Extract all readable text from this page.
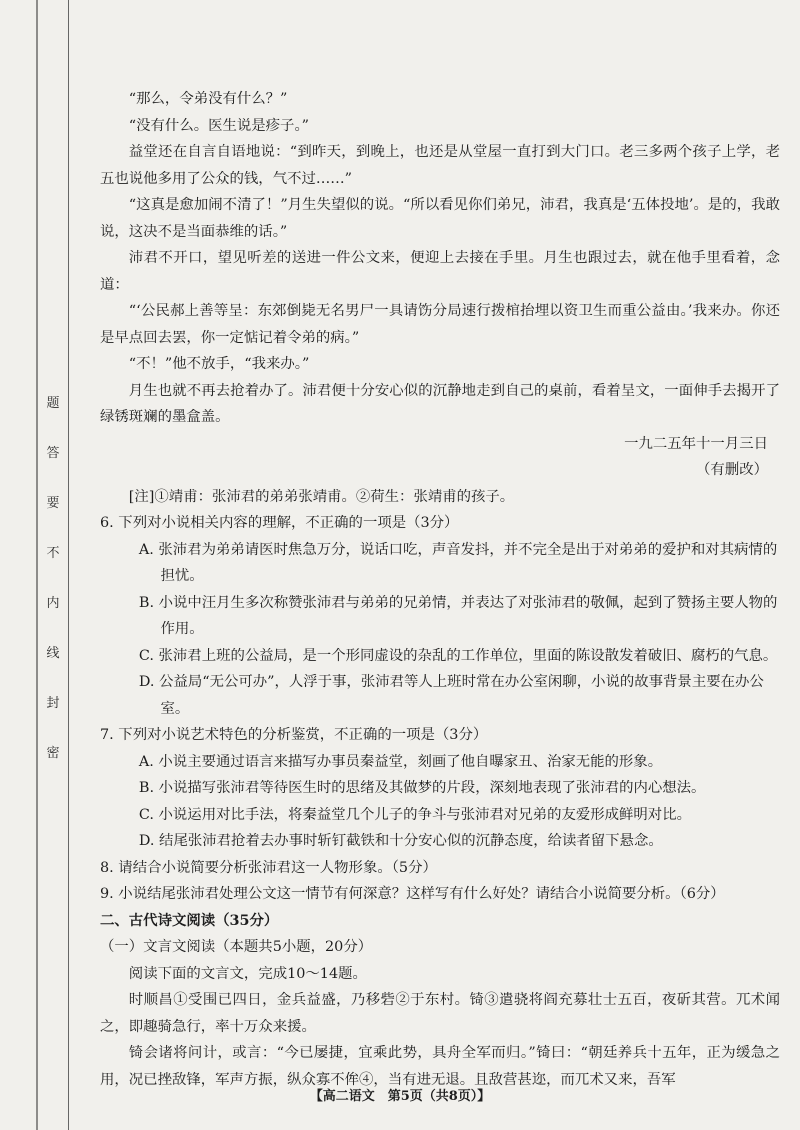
题
答
要
不
内
线
封
密

“那么，令弟没有什么？”

“没有什么。医生说是疹子。”

益堂还在自言自语地说：“到昨天，到晚上，也还是从堂屋一直打到大门口。老三多两个孩子上学，老五也说他多用了公众的钱，气不过……”

“这真是愈加闹不清了！”月生失望似的说。“所以看见你们弟兄，沛君，我真是‘五体投地’。是的，我敢说，这决不是当面恭维的话。”

沛君不开口，望见听差的送进一件公文来，便迎上去接在手里。月生也跟过去，就在他手里看着，念道：

“‘公民郝上善等呈：东郊倒毙无名男尸一具请饬分局速行拨棺抬埋以资卫生而重公益由。’我来办。你还是早点回去罢，你一定惦记着令弟的病。”

“不！”他不放手，“我来办。”

月生也就不再去抢着办了。沛君便十分安心似的沉静地走到自己的桌前，看着呈文，一面伸手去揭开了绿锈斑斓的墨盒盖。

一九二五年十一月三日

（有删改）

[注]①靖甫：张沛君的弟弟张靖甫。②荷生：张靖甫的孩子。

6. 下列对小说相关内容的理解，不正确的一项是（3分）

A. 张沛君为弟弟请医时焦急万分，说话口吃，声音发抖，并不完全是出于对弟弟的爱护和对其病情的担忧。

B. 小说中汪月生多次称赞张沛君与弟弟的兄弟情，并表达了对张沛君的敬佩，起到了赞扬主要人物的作用。

C. 张沛君上班的公益局，是一个形同虚设的杂乱的工作单位，里面的陈设散发着破旧、腐朽的气息。

D. 公益局“无公可办”，人浮于事，张沛君等人上班时常在办公室闲聊，小说的故事背景主要在办公室。

7. 下列对小说艺术特色的分析鉴赏，不正确的一项是（3分）

A. 小说主要通过语言来描写办事员秦益堂，刻画了他自曝家丑、治家无能的形象。

B. 小说描写张沛君等待医生时的思绪及其做梦的片段，深刻地表现了张沛君的内心想法。

C. 小说运用对比手法，将秦益堂几个儿子的争斗与张沛君对兄弟的友爱形成鲜明对比。

D. 结尾张沛君抢着去办事时斩钉截铁和十分安心似的沉静态度，给读者留下悬念。

8. 请结合小说简要分析张沛君这一人物形象。（5分）

9. 小说结尾张沛君处理公文这一情节有何深意？这样写有什么好处？请结合小说简要分析。（6分）

二、古代诗文阅读（35分）

（一）文言文阅读（本题共5小题，20分）

阅读下面的文言文，完成10～14题。

时顺昌①受围已四日，金兵益盛，乃移砦②于东村。锜③遣骁将阎充募壮士五百，夜斫其营。兀术闻之，即趣骑急行，率十万众来援。

锜会诸将问计，或言：“今已屡捷，宜乘此势，具舟全军而归。”锜曰：“朝廷养兵十五年，正为缓急之用，况已挫敌锋，军声方振，纵众寡不侔④，当有进无退。且敌营甚迩，而兀术又来，吾军

【高二语文　第5页（共8页）】
